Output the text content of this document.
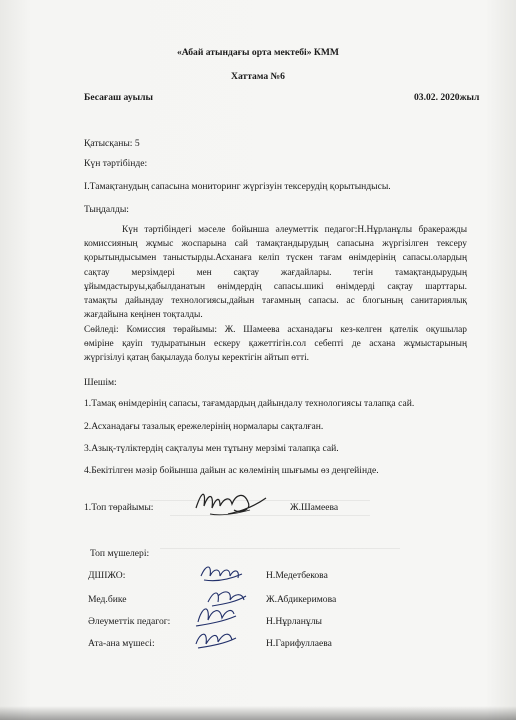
«Абай атындағы орта мектебі» КММ
Хаттама №6
Бесағаш ауылы	03.02. 2020жыл
Қатысқаны: 5
Күн тәртібінде:
І.Тамақтанудың сапасына мониторинг жүргізуін тексерудің қорытындысы.
Тыңдалды:
Күн тәртібіндегі мәселе бойынша әлеуметтік педагог:Н.Нұрланұлы бракеражды
комиссияның жұмыс жоспарына сай тамақтандырудың сапасына жүргізілген тексеру
қорытындысымен таныстырды.Асханаға келіп түскен тағам өнімдерінің сапасы.олардың
сақтау мерзімдері мен сақтау жағдайлары. тегін тамақтандырудың
ұйымдастыруы,қабылданатын өнімдердің сапасы.шикі өнімдерді сақтау шарттары.
тамақты дайындау технологиясы,дайын тағамның сапасы. ас блогының санитариялық
жағдайына кеңінен тоқталды.
Сөйледі: Комиссия төрайымы: Ж. Шамеева асханадағы кез-келген қателік оқушылар
өміріне қауіп тудыратынын ескеру қажеттігін.сол себепті де асхана жұмыстарының
жүргізілуі қатаң бақылауда болуы керектігін айтып өтті.
Шешім:
1.Тамақ өнімдерінің сапасы, тағамдардың дайындалу технологиясы талапқа сай.
2.Асханадағы тазалық ережелерінің нормалары сақталған.
3.Азық-түліктердің сақталуы мен тұтыну мерзімі талапқа сай.
4.Бекітілген мәзір бойынша дайын ас көлемінің шығымы өз деңгейінде.
1.Топ төрайымы:	Ж.Шамеева
Топ мүшелері:
ДШІЖО:	Н.Медетбекова
Мед.бике	Ж.Абдикеримова
Әлеуметтік педагог:	Н.Нұрланұлы
Ата-ана мүшесі:	Н.Гарифуллаева
